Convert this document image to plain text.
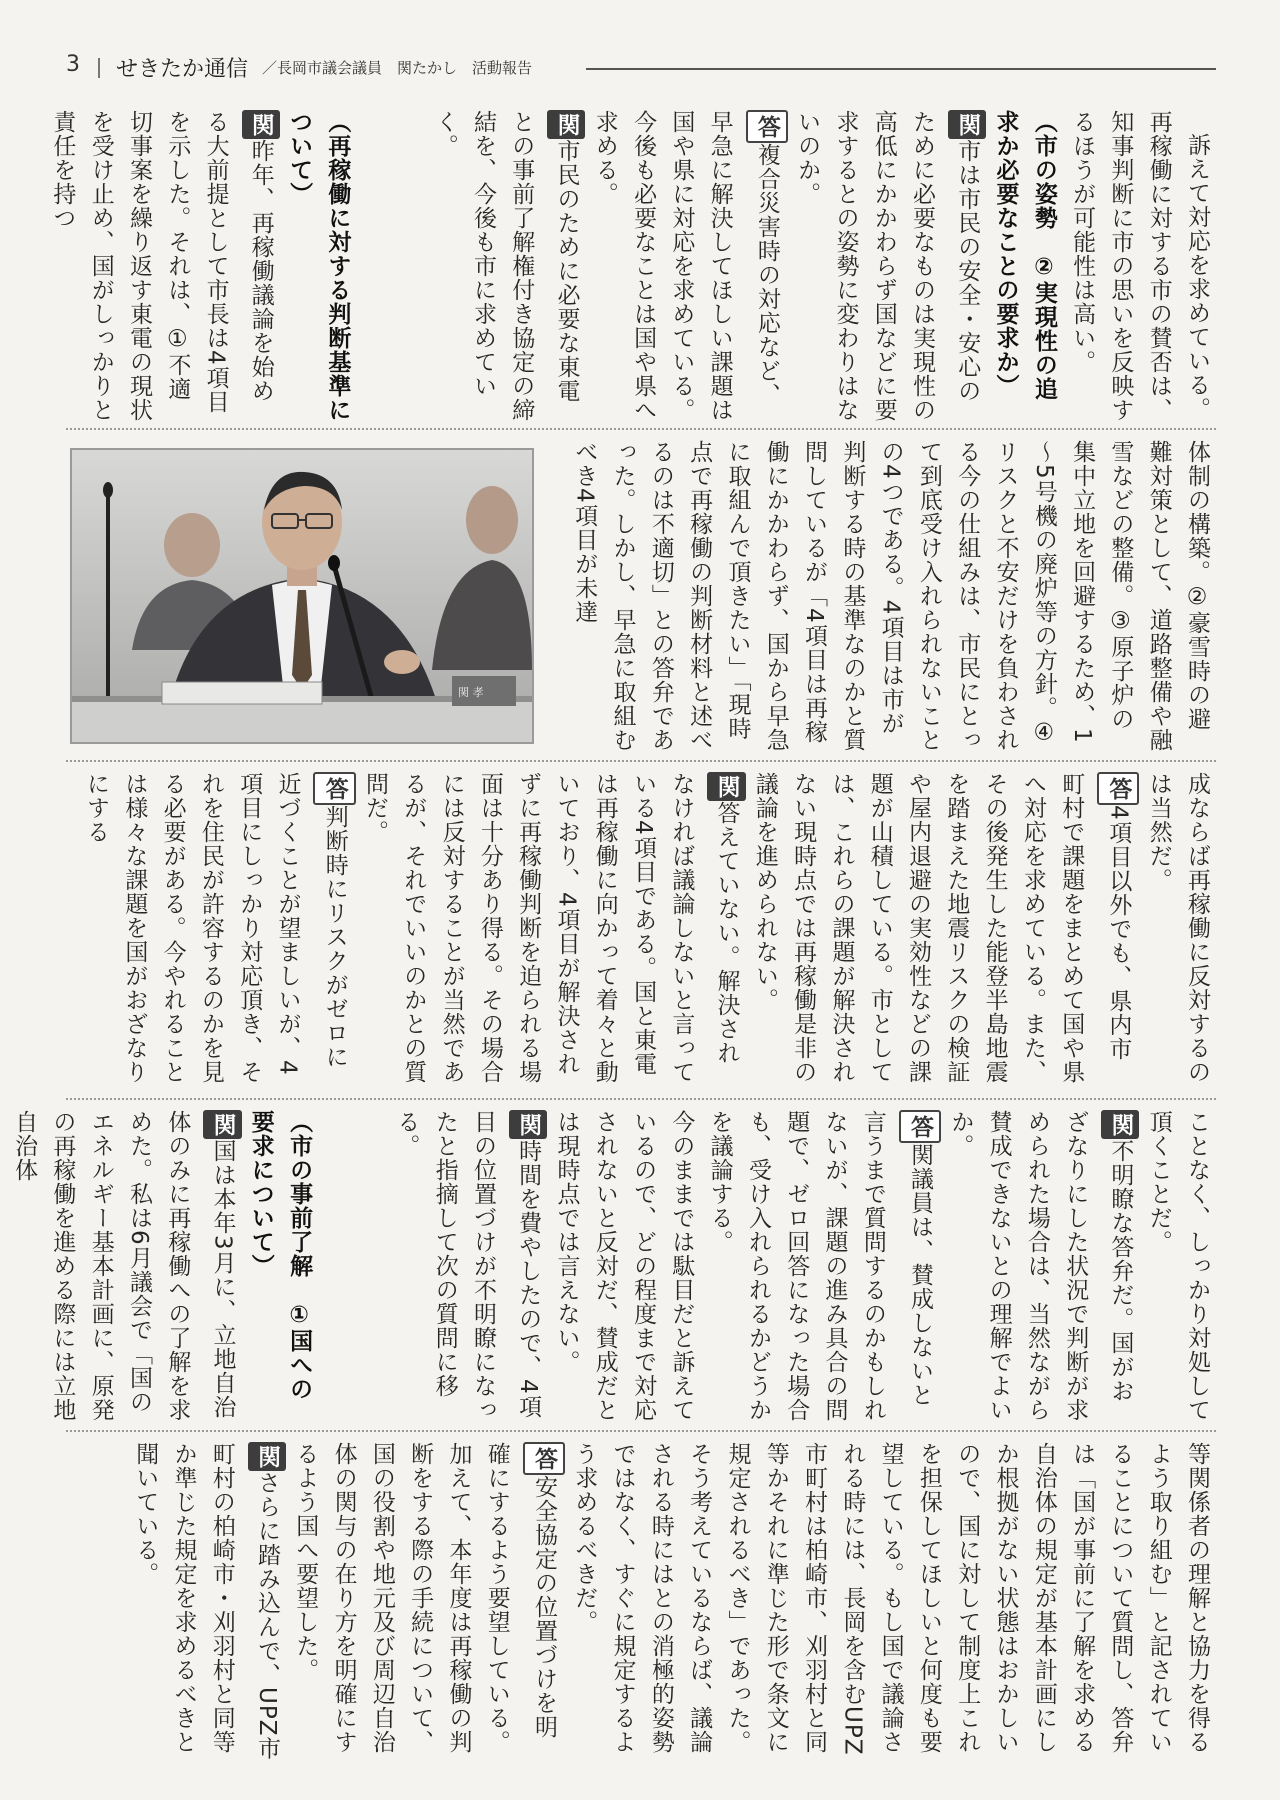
3 せきたか通信 ／長岡市議会議員　関たかし　活動報告

訴えて対応を求めている。再稼働に対する市の賛否は、知事判断に市の思いを反映するほうが可能性は高い。

（市の姿勢　②実現性の追求か必要なことの要求か）

関市は市民の安全・安心のために必要なものは実現性の高低にかかわらず国などに要求するとの姿勢に変わりはないのか。

答複合災害時の対応など、早急に解決してほしい課題は国や県に対応を求めている。今後も必要なことは国や県へ求める。

関市民のために必要な東電との事前了解権付き協定の締結を、今後も市に求めていく。

（再稼働に対する判断基準について）

関昨年、再稼働議論を始める大前提として市長は4項目を示した。それは、①不適切事案を繰り返す東電の現状を受け止め、国がしっかりと責任を持つ

体制の構築。②豪雪時の避難対策として、道路整備や融雪などの整備。③原子炉の集中立地を回避するため、1～5号機の廃炉等の方針。④リスクと不安だけを負わされる今の仕組みは、市民にとって到底受け入れられないことの4つである。4項目は市が判断する時の基準なのかと質問しているが「4項目は再稼働にかかわらず、国から早急に取組んで頂きたい」「現時点で再稼働の判断材料と述べるのは不適切」との答弁であった。しかし、早急に取組むべき4項目が未達

関 孝

成ならば再稼働に反対するのは当然だ。

答4項目以外でも、県内市町村で課題をまとめて国や県へ対応を求めている。また、その後発生した能登半島地震を踏まえた地震リスクの検証や屋内退避の実効性などの課題が山積している。市としては、これらの課題が解決されない現時点では再稼働是非の議論を進められない。

関答えていない。解決されなければ議論しないと言っている4項目である。国と東電は再稼働に向かって着々と動いており、4項目が解決されずに再稼働判断を迫られる場面は十分あり得る。その場合には反対することが当然であるが、それでいいのかとの質問だ。

答判断時にリスクがゼロに近づくことが望ましいが、4項目にしっかり対応頂き、それを住民が許容するのかを見る必要がある。今やれることは様々な課題を国がおざなりにする

ことなく、しっかり対処して頂くことだ。

関不明瞭な答弁だ。国がおざなりにした状況で判断が求められた場合は、当然ながら賛成できないとの理解でよいか。

答関議員は、賛成しないと言うまで質問するのかもしれないが、課題の進み具合の問題で、ゼロ回答になった場合も、受け入れられるかどうかを議論する。

今のままでは駄目だと訴えているので、どの程度まで対応されないと反対だ、賛成だとは現時点では言えない。

関時間を費やしたので、4項目の位置づけが不明瞭になったと指摘して次の質問に移る。

（市の事前了解　①国への要求について）

関国は本年3月に、立地自治体のみに再稼働への了解を求めた。私は6月議会で「国のエネルギー基本計画に、原発の再稼働を進める際には立地自治体

等関係者の理解と協力を得るよう取り組む」と記されていることについて質問し、答弁は「国が事前に了解を求める自治体の規定が基本計画にしか根拠がない状態はおかしいので、国に対して制度上これを担保してほしいと何度も要望している。もし国で議論される時には、長岡を含むUPZ市町村は柏崎市、刈羽村と同等かそれに準じた形で条文に規定されるべき」であった。

そう考えているならば、議論される時にはとの消極的姿勢ではなく、すぐに規定するよう求めるべきだ。

答安全協定の位置づけを明確にするよう要望している。加えて、本年度は再稼働の判断をする際の手続について、国の役割や地元及び周辺自治体の関与の在り方を明確にするよう国へ要望した。

関さらに踏み込んで、UPZ市町村の柏崎市・刈羽村と同等か準じた規定を求めるべきと聞いている。
